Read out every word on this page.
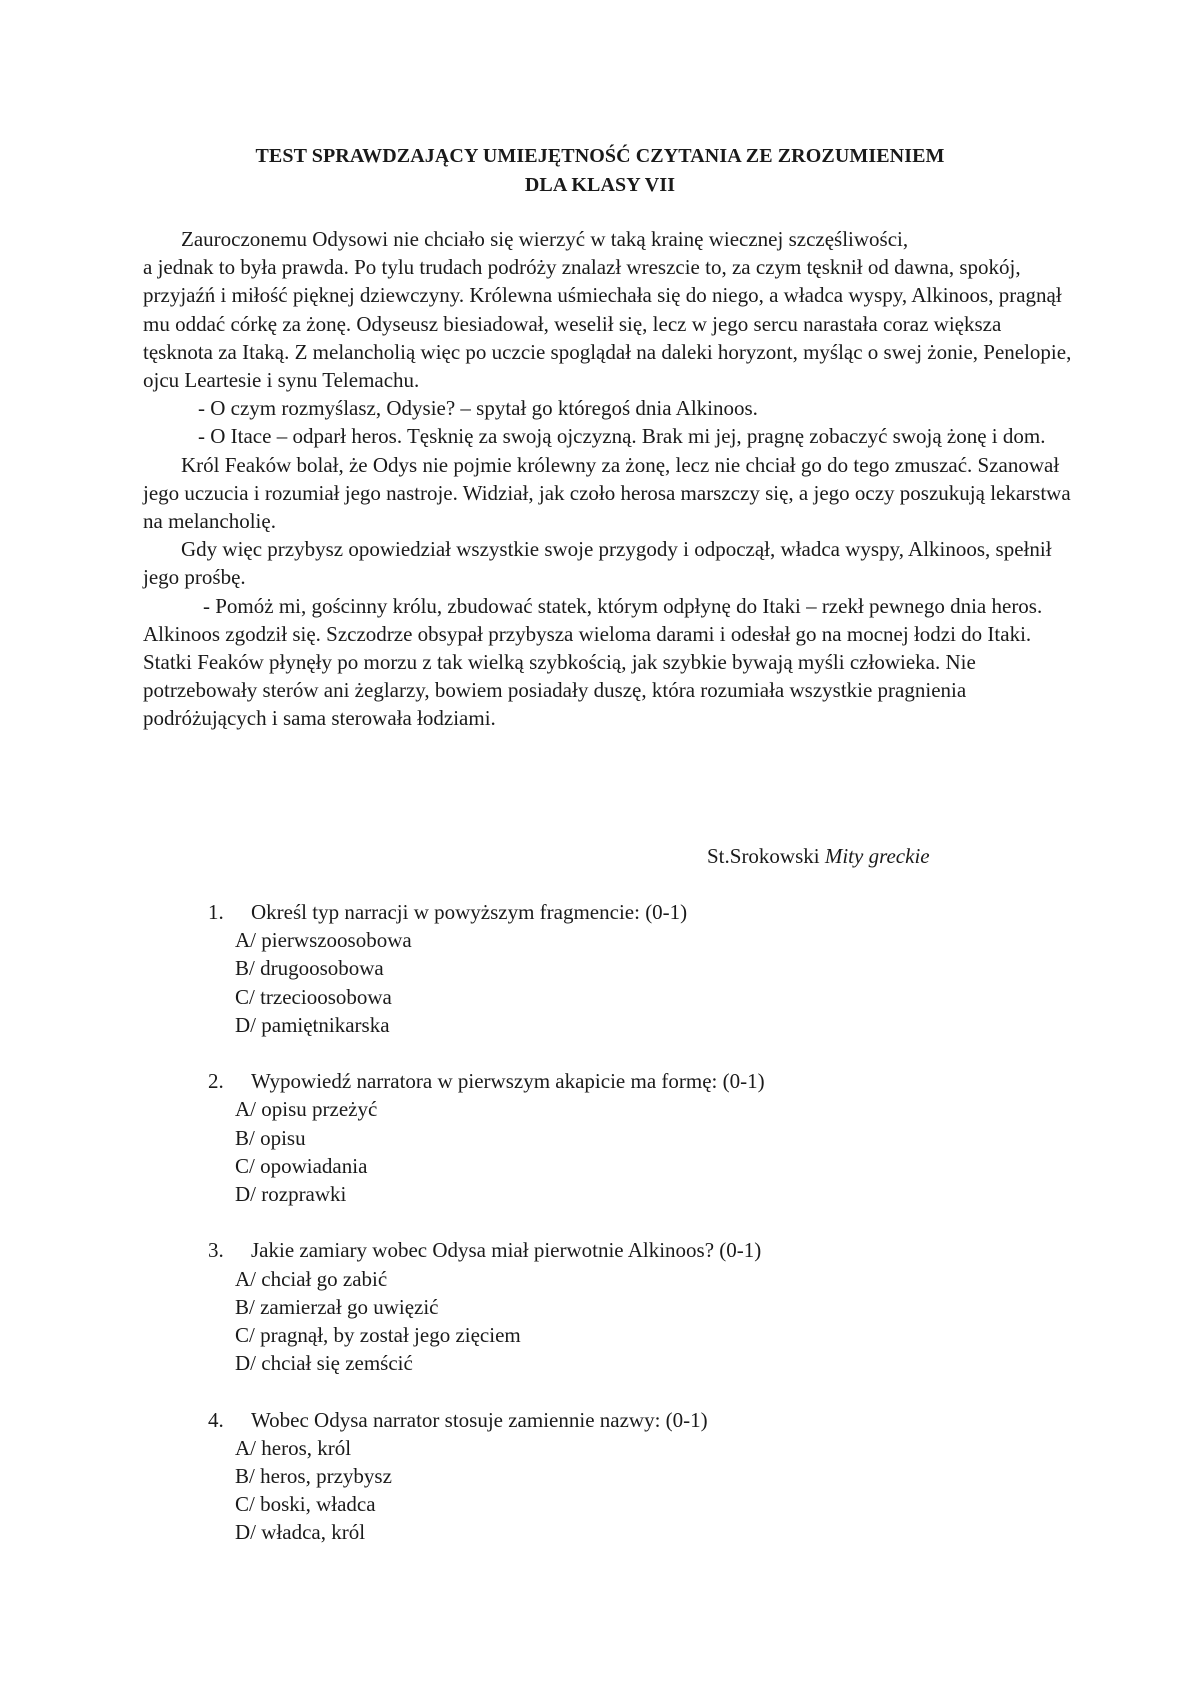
TEST SPRAWDZAJĄCY UMIEJĘTNOŚĆ CZYTANIA ZE ZROZUMIENIEM
DLA KLASY VII

Zauroczonemu Odysowi nie chciało się wierzyć w taką krainę wiecznej szczęśliwości,

a jednak to była prawda. Po tylu trudach podróży znalazł wreszcie to, za czym tęsknił od dawna, spokój, przyjaźń i miłość pięknej dziewczyny. Królewna uśmiechała się do niego, a władca wyspy, Alkinoos, pragnął mu oddać córkę za żonę. Odyseusz biesiadował, weselił się, lecz w jego sercu narastała coraz większa tęsknota za Itaką. Z melancholią więc po uczcie spoglądał na daleki horyzont, myśląc o swej żonie, Penelopie, ojcu Leartesie i synu Telemachu.

- O czym rozmyślasz, Odysie? – spytał go któregoś dnia Alkinoos.

- O Itace – odparł heros. Tęsknię za swoją ojczyzną. Brak mi jej, pragnę zobaczyć swoją żonę i dom.

Król Feaków bolał, że Odys nie pojmie królewny za żonę, lecz nie chciał go do tego zmuszać. Szanował jego uczucia i rozumiał jego nastroje. Widział, jak czoło herosa marszczy się, a jego oczy poszukują lekarstwa na melancholię.

Gdy więc przybysz opowiedział wszystkie swoje przygody i odpoczął, władca wyspy, Alkinoos, spełnił jego prośbę.

- Pomóż mi, gościnny królu, zbudować statek, którym odpłynę do Itaki – rzekł pewnego dnia heros. Alkinoos zgodził się. Szczodrze obsypał przybysza wieloma darami i odesłał go na mocnej łodzi do Itaki. Statki Feaków płynęły po morzu z tak wielką szybkością, jak szybkie bywają myśli człowieka. Nie potrzebowały sterów ani żeglarzy, bowiem posiadały duszę, która rozumiała wszystkie pragnienia podróżujących i sama sterowała łodziami.

St.Srokowski Mity greckie
1.	Określ typ narracji w powyższym fragmencie: (0-1)
A/ pierwszoosobowa
B/ drugoosobowa
C/ trzecioosobowa
D/ pamiętnikarska
2.	Wypowiedź narratora w pierwszym akapicie ma formę: (0-1)
A/ opisu przeżyć
B/ opisu
C/ opowiadania
D/ rozprawki
3.	Jakie zamiary wobec Odysa miał pierwotnie Alkinoos? (0-1)
A/ chciał go zabić
B/ zamierzał go uwięzić
C/ pragnął, by został jego zięciem
D/ chciał się zemścić
4.	Wobec Odysa narrator stosuje zamiennie nazwy: (0-1)
A/ heros, król
B/ heros, przybysz
C/ boski, władca
D/ władca, król
